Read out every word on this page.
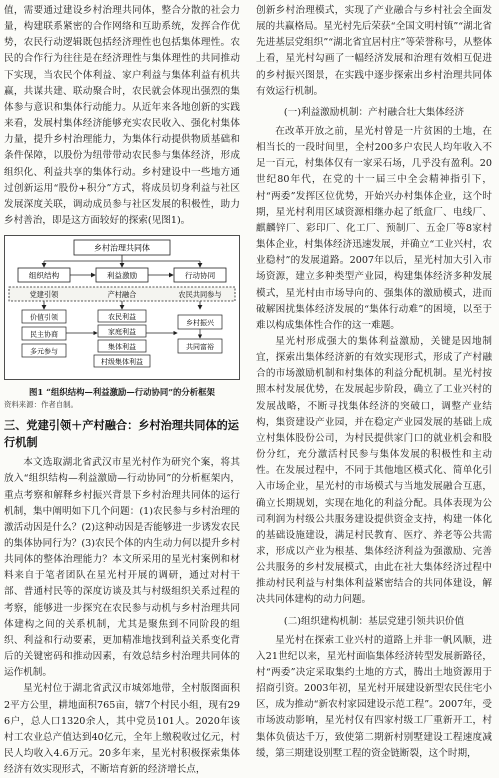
值，需要通过建设乡村治理共同体，整合分散的社会力量，构建联系紧密的合作网络和互助系统，发挥合作优势，农民行动逻辑既包括经济理性也包括集体理性。农民的合作行为往往是在经济理性与集体理性的共同推动下实现，当农民个体利益、家户利益与集体利益有机共赢，共谋共建、联动聚合时，农民就会体现出强烈的集体参与意识和集体行动能力。从近年来各地创新的实践来看，发展村集体经济能够充实农民收入、强化村集体力量，提升乡村治理能力，为集体行动提供物质基础和条件保障，以股份为纽带带动农民参与集体经济，形成组织化、利益共享的集体行动。乡村建设中一些地方通过创新运用“股份+积分”方式，将成员切身利益与社区发展深度关联，调动成员参与社区发展的积极性，助力乡村善治，即是这方面较好的探索(见图1)。

乡村治理共同体
组织结构	利益激励	行动协同
党建引领	产村融合	农民共同参与
价值引领
民主协商
多元参与
农民利益
家庭利益
集体利益
村级集体利益
乡村振兴
共同富裕
图1 “组织结构—利益激励—行动协同”的分析框架
资料来源：作者自制。
三、党建引领＋产村融合：乡村治理共同体的运行机制

本文选取湖北省武汉市星光村作为研究个案，将其放入“组织结构—利益激励—行动协同”的分析框架内，重点考察和解释乡村振兴背景下乡村治理共同体的运行机制，集中阐明如下几个问题：(1)农民参与乡村治理的激活动因是什么？(2)这种动因是否能够进一步诱发农民的集体协同行为？(3)农民个体的内生动力何以提升乡村共同体的整体治理能力？本文所采用的星光村案例和材料来自于笔者团队在星光村开展的调研，通过对村干部、普通村民等的深度访谈及其与村级组织关系过程的考察，能够进一步探究在农民参与动机与乡村治理共同体建构之间的关系机制，尤其是聚焦到不同阶段的组织、利益和行动要素，更加精准地找到利益关系变化背后的关键密码和推动因素，有效总结乡村治理共同体的运作机制。

星光村位于湖北省武汉市城郊地带，全村版图面积2平方公里，耕地面积765亩，辖7个村民小组，现有296户，总人口1320余人，其中党员101人。2020年该村工农业总产值达到40亿元，全年上缴税收过亿元，村民人均收入4.6万元。20多年来，星光村积极探索集体经济有效实现形式，不断培育新的经济增长点，

创新乡村治理模式，实现了产业融合与乡村社会全面发展的共赢格局。星光村先后荣获“全国文明村镇”“湖北省先进基层党组织”“湖北省宜居村庄”等荣誉称号，从整体上看，星光村勾画了一幅经济发展和治理有效相互促进的乡村振兴图景，在实践中逐步探索出乡村治理共同体有效运行机制。

(一)利益激励机制：产村融合壮大集体经济

在改革开放之前，星光村曾是一片贫困的土地，在相当长的一段时间里，全村200多户农民人均年收入不足一百元，村集体仅有一家采石场，几乎没有盈利。20世纪80年代，在党的十一届三中全会精神指引下，村“两委”发挥区位优势，开始兴办村集体企业，这个时期，星光村利用区域资源相继办起了纸盒厂、电线厂、麒麟锌厂、彩印厂、化工厂、预制厂、五金厂等8家村集体企业，村集体经济迅速发展，并确立“工业兴村，农业稳村”的发展道路。2007年以后，星光村加大引入市场资源，建立多种类型产业园，构建集体经济多种发展模式，星光村由市场导向的、强集体的激励模式，进而破解困扰集体经济发展的“集体行动难”的困境，以至于难以构成集体性合作的这一难题。

星光村形成强大的集体利益激励，关键是因地制宜，探索出集体经济新的有效实现形式，形成了产村融合的市场激励机制和村集体的利益分配机制。星光村按照本村发展优势，在发展起步阶段，确立了工业兴村的发展战略，不断寻找集体经济的突破口，调整产业结构，集资建设产业园，并在稳定产业园发展的基础上成立村集体股份公司，为村民提供家门口的就业机会和股份分红，充分激活村民参与集体发展的积极性和主动性。在发展过程中，不同于其他地区模式化、简单化引入市场企业，星光村的市场模式与当地发展融合互惠，确立长期规划，实现在地化的利益分配。具体表现为公司利润为村级公共服务建设提供资金支持，构建一体化的基础设施建设，满足村民教育、医疗、养老等公共需求，形成以产业为根基、集体经济利益为强激励、完善公共服务的乡村发展模式，由此在社大集体经济过程中推动村民利益与村集体利益紧密结合的共同体建设，解决共同体建构的动力问题。

(二)组织建构机制：基层党建引领共识价值

星光村在探索工业兴村的道路上并非一帆风顺，进入21世纪以来，星光村面临集体经济转型发展新路径，村“两委”决定采取集约土地的方式，腾出土地资源用于招商引资。2003年初，星光村开展建设新型农民住宅小区，成为推动“新农村家园建设示范工程”。2007年，受市场波动影响，星光村仅有四家村级工厂重新开工，村集体负债达千万，致使第二期新村别墅建设工程速度减缓，第三期建设别墅工程的资金链断裂，这个时期，
